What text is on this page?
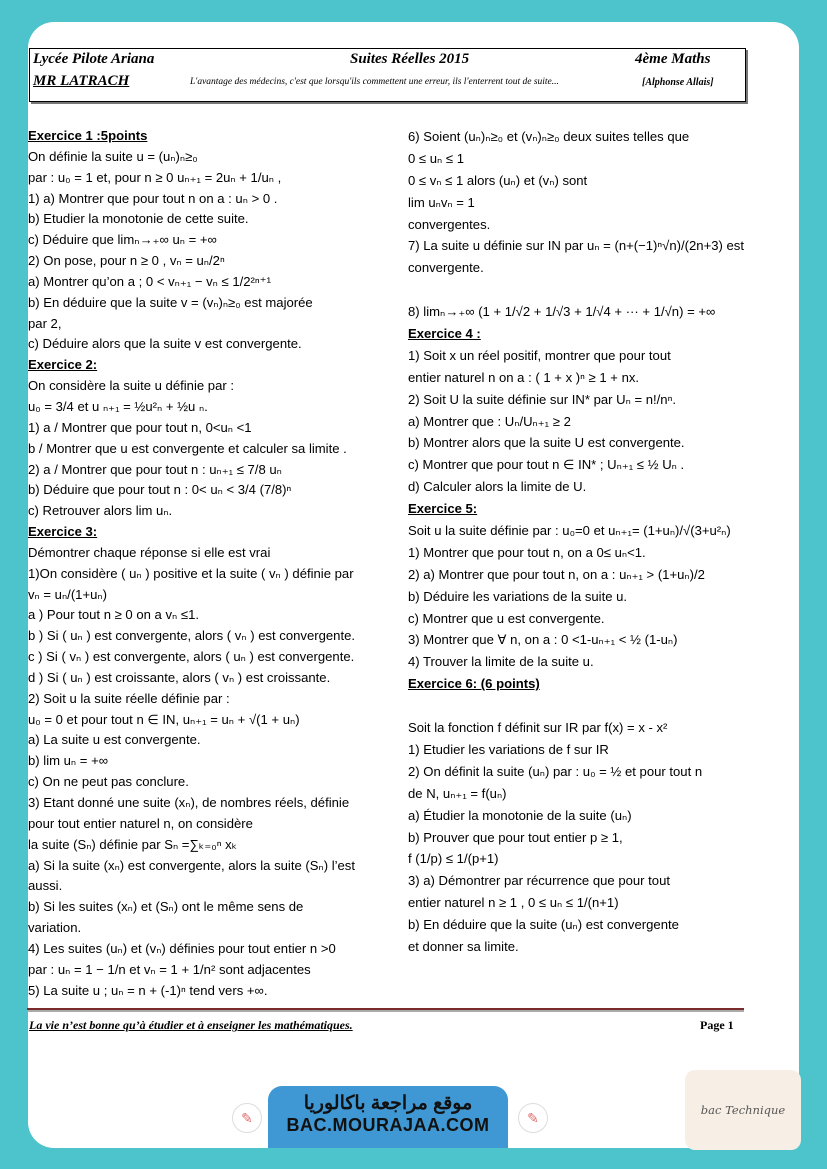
Lycée Pilote Ariana	Suites Réelles 2015	4ème Maths
MR LATRACH	L'avantage des médecins, c'est que lorsqu'ils commettent une erreur, ils l'enterrent tout de suite...	[Alphonse Allais]

Exercice 1 :5points

On définie la suite u = (uₙ)ₙ≥₀

par : u₀ = 1 et, pour n ≥ 0 uₙ₊₁ = 2uₙ + 1/uₙ ,

1) a) Montrer que pour tout n on a : uₙ > 0 .

b) Etudier la monotonie de cette suite.

c) Déduire que limₙ→₊∞ uₙ = +∞

2) On pose, pour n ≥ 0 , vₙ = uₙ/2ⁿ

a) Montrer qu’on a ; 0 < vₙ₊₁ − vₙ ≤ 1/2²ⁿ⁺¹

b) En déduire que la suite v = (vₙ)ₙ≥₀ est majorée

par 2,

c) Déduire alors que la suite v est convergente.

Exercice 2:

On considère la suite u définie par :

u₀ = 3/4 et u ₙ₊₁ = ½u²ₙ + ½u ₙ.

1) a / Montrer que pour tout n, 0<uₙ <1

b / Montrer que u est convergente et calculer sa limite .

2) a / Montrer que pour tout n : uₙ₊₁ ≤ 7/8 uₙ

b) Déduire que pour tout n : 0< uₙ < 3/4 (7/8)ⁿ

c) Retrouver alors lim uₙ.

Exercice 3:

Démontrer chaque réponse si elle est vrai

1)On considère ( uₙ ) positive et la suite ( vₙ ) définie par

vₙ = uₙ/(1+uₙ)

a ) Pour tout n ≥ 0 on a vₙ ≤1.

b ) Si ( uₙ ) est convergente, alors ( vₙ ) est convergente.

c ) Si ( vₙ ) est convergente, alors ( uₙ ) est convergente.

d ) Si ( uₙ ) est croissante, alors ( vₙ ) est croissante.

2) Soit u la suite réelle définie par :

u₀ = 0 et pour tout n ∈ IN, uₙ₊₁ = uₙ + √(1 + uₙ)

a) La suite u est convergente.

b) lim uₙ = +∞

c) On ne peut pas conclure.

3) Etant donné une suite (xₙ), de nombres réels, définie

pour tout entier naturel n, on considère

la suite (Sₙ) définie par Sₙ =∑ₖ₌₀ⁿ xₖ

a) Si la suite (xₙ) est convergente, alors la suite (Sₙ) l’est

aussi.

b) Si les suites (xₙ) et (Sₙ) ont le même sens de

variation.

4) Les suites (uₙ) et (vₙ) définies pour tout entier n >0

par : uₙ = 1 − 1/n et vₙ = 1 + 1/n² sont adjacentes

5) La suite u ; uₙ = n + (-1)ⁿ tend vers +∞.

6) Soient (uₙ)ₙ≥₀ et (vₙ)ₙ≥₀ deux suites telles que

0 ≤ uₙ ≤ 1

0 ≤ vₙ ≤ 1 alors (uₙ) et (vₙ) sont

lim uₙvₙ = 1

convergentes.

7) La suite u définie sur IN par uₙ = (n+(−1)ⁿ√n)/(2n+3) est

convergente.

8) limₙ→₊∞ (1 + 1/√2 + 1/√3 + 1/√4 + ··· + 1/√n) = +∞

Exercice 4 :

1) Soit x un réel positif, montrer que pour tout

entier naturel n on a : ( 1 + x )ⁿ ≥ 1 + nx.

2) Soit U la suite définie sur IN* par Uₙ = n!/nⁿ.

a) Montrer que : Uₙ/Uₙ₊₁ ≥ 2

b) Montrer alors que la suite U est convergente.

c) Montrer que pour tout n ∈ IN* ; Uₙ₊₁ ≤ ½ Uₙ .

d) Calculer alors la limite de U.

Exercice 5:

Soit u la suite définie par : u₀=0 et uₙ₊₁= (1+uₙ)/√(3+u²ₙ)

1) Montrer que pour tout n, on a 0≤ uₙ<1.

2) a) Montrer que pour tout n, on a : uₙ₊₁ > (1+uₙ)/2

b) Déduire les variations de la suite u.

c) Montrer que u est convergente.

3) Montrer que ∀ n, on a : 0 <1-uₙ₊₁ < ½ (1-uₙ)

4) Trouver la limite de la suite u.

Exercice 6: (6 points)

Soit la fonction f définit sur IR par f(x) = x - x²

1) Etudier les variations de f sur IR

2) On définit la suite (uₙ) par : u₀ = ½ et pour tout n

de N, uₙ₊₁ = f(uₙ)

a) Étudier la monotonie de la suite (uₙ)

b) Prouver que pour tout entier p ≥ 1,

f (1/p) ≤ 1/(p+1)

3) a) Démontrer par récurrence que pour tout

entier naturel n ≥ 1 , 0 ≤ uₙ ≤ 1/(n+1)

b) En déduire que la suite (uₙ) est convergente

et donner sa limite.

La vie n’est bonne qu’à étudier et à enseigner les mathématiques.	Page 1
✎
موقع مراجعة باكالوريا
BAC.MOURAJAA.COM	✎	bac Technique
